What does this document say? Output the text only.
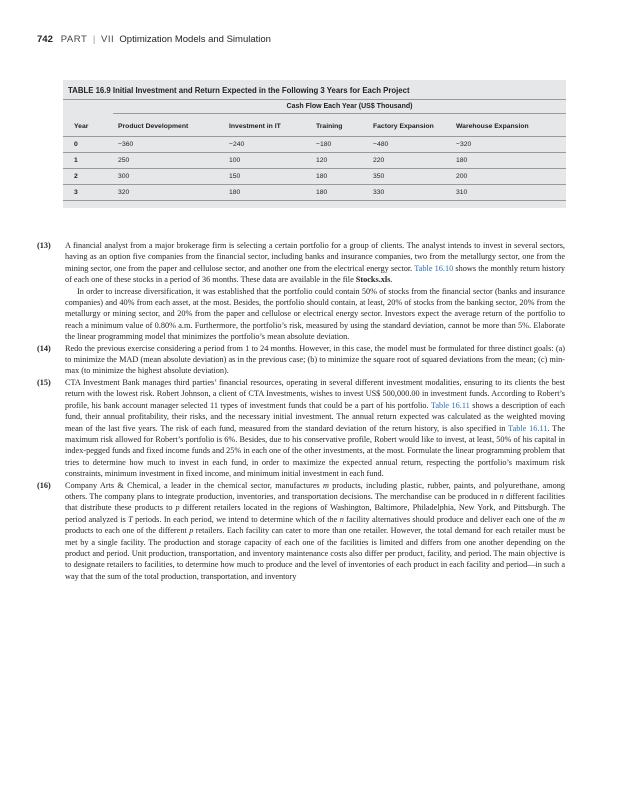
742 PART | VII Optimization Models and Simulation
TABLE 16.9 Initial Investment and Return Expected in the Following 3 Years for Each Project
Cash Flow Each Year (US$ Thousand)
Year	Product Development	Investment in IT	Training	Factory Expansion	Warehouse Expansion
0	−360	−240	−180	−480	−320
1	250	100	120	220	180
2	300	150	180	350	200
3	320	180	180	330	310
(13) A financial analyst from a major brokerage firm is selecting a certain portfolio for a group of clients. The analyst intends to invest in several sectors, having as an option five companies from the financial sector, including banks and insurance companies, two from the metallurgy sector, one from the mining sector, one from the paper and cellulose sector, and another one from the electrical energy sector. Table 16.10 shows the monthly return history of each one of these stocks in a period of 36 months. These data are available in the file Stocks.xls.

In order to increase diversification, it was established that the portfolio could contain 50% of stocks from the financial sector (banks and insurance companies) and 40% from each asset, at the most. Besides, the portfolio should contain, at least, 20% of stocks from the banking sector, 20% from the metallurgy or mining sector, and 20% from the paper and cellulose or electrical energy sector. Investors expect the average return of the portfolio to reach a minimum value of 0.80% a.m. Furthermore, the portfolio’s risk, measured by using the standard deviation, cannot be more than 5%. Elaborate the linear programming model that minimizes the portfolio’s mean absolute deviation.

(14) Redo the previous exercise considering a period from 1 to 24 months. However, in this case, the model must be formulated for three distinct goals: (a) to minimize the MAD (mean absolute deviation) as in the previous case; (b) to minimize the square root of squared deviations from the mean; (c) min-max (to minimize the highest absolute deviation).

(15) CTA Investment Bank manages third parties’ financial resources, operating in several different investment modalities, ensuring to its clients the best return with the lowest risk. Robert Johnson, a client of CTA Investments, wishes to invest US$ 500,000.00 in investment funds. According to Robert’s profile, his bank account manager selected 11 types of investment funds that could be a part of his portfolio. Table 16.11 shows a description of each fund, their annual profitability, their risks, and the necessary initial investment. The annual return expected was calculated as the weighted moving mean of the last five years. The risk of each fund, measured from the standard deviation of the return history, is also specified in Table 16.11. The maximum risk allowed for Robert’s portfolio is 6%. Besides, due to his conservative profile, Robert would like to invest, at least, 50% of his capital in index-pegged funds and fixed income funds and 25% in each one of the other investments, at the most. Formulate the linear programming problem that tries to determine how much to invest in each fund, in order to maximize the expected annual return, respecting the portfolio’s maximum risk constraints, minimum investment in fixed income, and minimum initial investment in each fund.

(16) Company Arts & Chemical, a leader in the chemical sector, manufactures m products, including plastic, rubber, paints, and polyurethane, among others. The company plans to integrate production, inventories, and transportation decisions. The merchandise can be produced in n different facilities that distribute these products to p different retailers located in the regions of Washington, Baltimore, Philadelphia, New York, and Pittsburgh. The period analyzed is T periods. In each period, we intend to determine which of the n facility alternatives should produce and deliver each one of the m products to each one of the different p retailers. Each facility can cater to more than one retailer. However, the total demand for each retailer must be met by a single facility. The production and storage capacity of each one of the facilities is limited and differs from one another depending on the product and period. Unit production, transportation, and inventory maintenance costs also differ per product, facility, and period. The main objective is to designate retailers to facilities, to determine how much to produce and the level of inventories of each product in each facility and period—in such a way that the sum of the total production, transportation, and inventory
